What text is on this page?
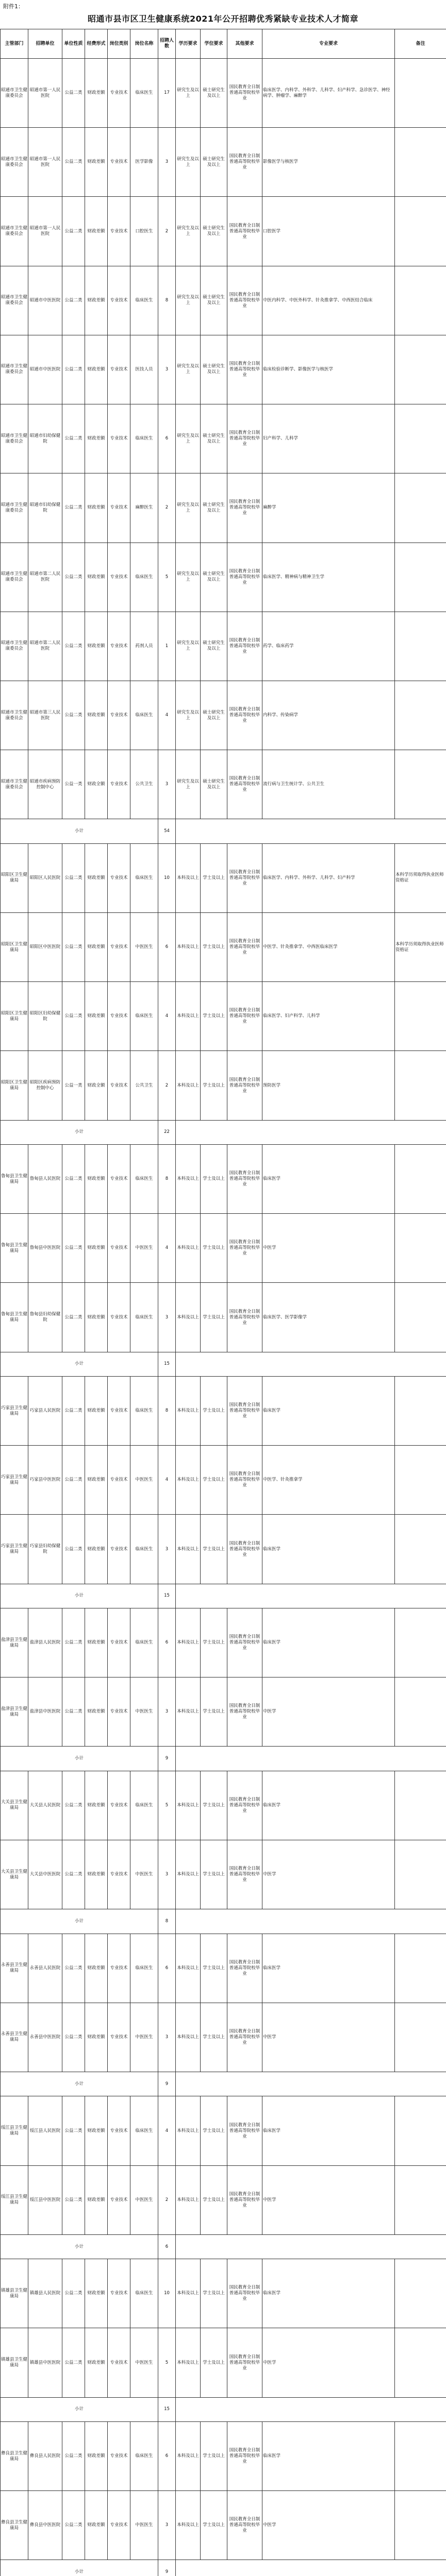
附件1：
昭通市县市区卫生健康系统2021年公开招聘优秀紧缺专业技术人才简章
主管部门	招聘单位	单位性质	经费形式	岗位类别	岗位名称	招聘人数	学历要求	学位要求	其他要求	专业要求	备注
昭通市卫生健康委员会	昭通市第一人民医院	公益二类	财政差额	专业技术	临床医生	17	研究生及以上	硕士研究生及以上	国民教育全日制普通高等院校毕业	临床医学、内科学、外科学、儿科学、妇产科学、急诊医学、神经病学、肿瘤学、麻醉学	
昭通市卫生健康委员会	昭通市第一人民医院	公益二类	财政差额	专业技术	医学影像	3	研究生及以上	硕士研究生及以上	国民教育全日制普通高等院校毕业	影像医学与核医学	
昭通市卫生健康委员会	昭通市第一人民医院	公益二类	财政差额	专业技术	口腔医生	2	研究生及以上	硕士研究生及以上	国民教育全日制普通高等院校毕业	口腔医学	
昭通市卫生健康委员会	昭通市中医医院	公益二类	财政差额	专业技术	临床医生	8	研究生及以上	硕士研究生及以上	国民教育全日制普通高等院校毕业	中医内科学、中医外科学、针灸推拿学、中西医结合临床	
昭通市卫生健康委员会	昭通市中医医院	公益二类	财政差额	专业技术	医技人员	3	研究生及以上	硕士研究生及以上	国民教育全日制普通高等院校毕业	临床检验诊断学、影像医学与核医学	
昭通市卫生健康委员会	昭通市妇幼保健院	公益二类	财政差额	专业技术	临床医生	6	研究生及以上	硕士研究生及以上	国民教育全日制普通高等院校毕业	妇产科学、儿科学	
昭通市卫生健康委员会	昭通市妇幼保健院	公益二类	财政差额	专业技术	麻醉医生	2	研究生及以上	硕士研究生及以上	国民教育全日制普通高等院校毕业	麻醉学	
昭通市卫生健康委员会	昭通市第二人民医院	公益二类	财政差额	专业技术	临床医生	5	研究生及以上	硕士研究生及以上	国民教育全日制普通高等院校毕业	临床医学、精神病与精神卫生学	
昭通市卫生健康委员会	昭通市第二人民医院	公益二类	财政差额	专业技术	药剂人员	1	研究生及以上	硕士研究生及以上	国民教育全日制普通高等院校毕业	药学、临床药学	
昭通市卫生健康委员会	昭通市第三人民医院	公益二类	财政差额	专业技术	临床医生	4	研究生及以上	硕士研究生及以上	国民教育全日制普通高等院校毕业	内科学、传染病学	
昭通市卫生健康委员会	昭通市疾病预防控制中心	公益一类	财政全额	专业技术	公共卫生	3	研究生及以上	硕士研究生及以上	国民教育全日制普通高等院校毕业	流行病与卫生统计学、公共卫生	
小计						54					
昭阳区卫生健康局	昭阳区人民医院	公益二类	财政差额	专业技术	临床医生	10	本科及以上	学士及以上	国民教育全日制普通高等院校毕业	临床医学、内科学、外科学、儿科学、妇产科学	本科学历须取得执业医师资格证
昭阳区卫生健康局	昭阳区中医医院	公益二类	财政差额	专业技术	中医医生	6	本科及以上	学士及以上	国民教育全日制普通高等院校毕业	中医学、针灸推拿学、中西医临床医学	本科学历须取得执业医师资格证
昭阳区卫生健康局	昭阳区妇幼保健院	公益二类	财政差额	专业技术	临床医生	4	本科及以上	学士及以上	国民教育全日制普通高等院校毕业	临床医学、妇产科学、儿科学	
昭阳区卫生健康局	昭阳区疾病预防控制中心	公益一类	财政全额	专业技术	公共卫生	2	本科及以上	学士及以上	国民教育全日制普通高等院校毕业	预防医学	
小计						22					
鲁甸县卫生健康局	鲁甸县人民医院	公益二类	财政差额	专业技术	临床医生	8	本科及以上	学士及以上	国民教育全日制普通高等院校毕业	临床医学	
鲁甸县卫生健康局	鲁甸县中医医院	公益二类	财政差额	专业技术	中医医生	4	本科及以上	学士及以上	国民教育全日制普通高等院校毕业	中医学	
鲁甸县卫生健康局	鲁甸县妇幼保健院	公益二类	财政差额	专业技术	临床医生	3	本科及以上	学士及以上	国民教育全日制普通高等院校毕业	临床医学、医学影像学	
小计						15					
巧家县卫生健康局	巧家县人民医院	公益二类	财政差额	专业技术	临床医生	8	本科及以上	学士及以上	国民教育全日制普通高等院校毕业	临床医学	
巧家县卫生健康局	巧家县中医医院	公益二类	财政差额	专业技术	中医医生	4	本科及以上	学士及以上	国民教育全日制普通高等院校毕业	中医学、针灸推拿学	
巧家县卫生健康局	巧家县妇幼保健院	公益二类	财政差额	专业技术	临床医生	3	本科及以上	学士及以上	国民教育全日制普通高等院校毕业	临床医学	
小计						15					
盐津县卫生健康局	盐津县人民医院	公益二类	财政差额	专业技术	临床医生	6	本科及以上	学士及以上	国民教育全日制普通高等院校毕业	临床医学	
盐津县卫生健康局	盐津县中医医院	公益二类	财政差额	专业技术	中医医生	3	本科及以上	学士及以上	国民教育全日制普通高等院校毕业	中医学	
小计						9					
大关县卫生健康局	大关县人民医院	公益二类	财政差额	专业技术	临床医生	5	本科及以上	学士及以上	国民教育全日制普通高等院校毕业	临床医学	
大关县卫生健康局	大关县中医医院	公益二类	财政差额	专业技术	中医医生	3	本科及以上	学士及以上	国民教育全日制普通高等院校毕业	中医学	
小计						8					
永善县卫生健康局	永善县人民医院	公益二类	财政差额	专业技术	临床医生	6	本科及以上	学士及以上	国民教育全日制普通高等院校毕业	临床医学	
永善县卫生健康局	永善县中医医院	公益二类	财政差额	专业技术	中医医生	3	本科及以上	学士及以上	国民教育全日制普通高等院校毕业	中医学	
小计						9					
绥江县卫生健康局	绥江县人民医院	公益二类	财政差额	专业技术	临床医生	4	本科及以上	学士及以上	国民教育全日制普通高等院校毕业	临床医学	
绥江县卫生健康局	绥江县中医医院	公益二类	财政差额	专业技术	中医医生	2	本科及以上	学士及以上	国民教育全日制普通高等院校毕业	中医学	
小计						6					
镇雄县卫生健康局	镇雄县人民医院	公益二类	财政差额	专业技术	临床医生	10	本科及以上	学士及以上	国民教育全日制普通高等院校毕业	临床医学	
镇雄县卫生健康局	镇雄县中医医院	公益二类	财政差额	专业技术	中医医生	5	本科及以上	学士及以上	国民教育全日制普通高等院校毕业	中医学	
小计						15					
彝良县卫生健康局	彝良县人民医院	公益二类	财政差额	专业技术	临床医生	6	本科及以上	学士及以上	国民教育全日制普通高等院校毕业	临床医学	
彝良县卫生健康局	彝良县中医医院	公益二类	财政差额	专业技术	中医医生	3	本科及以上	学士及以上	国民教育全日制普通高等院校毕业	中医学	
小计						9					
